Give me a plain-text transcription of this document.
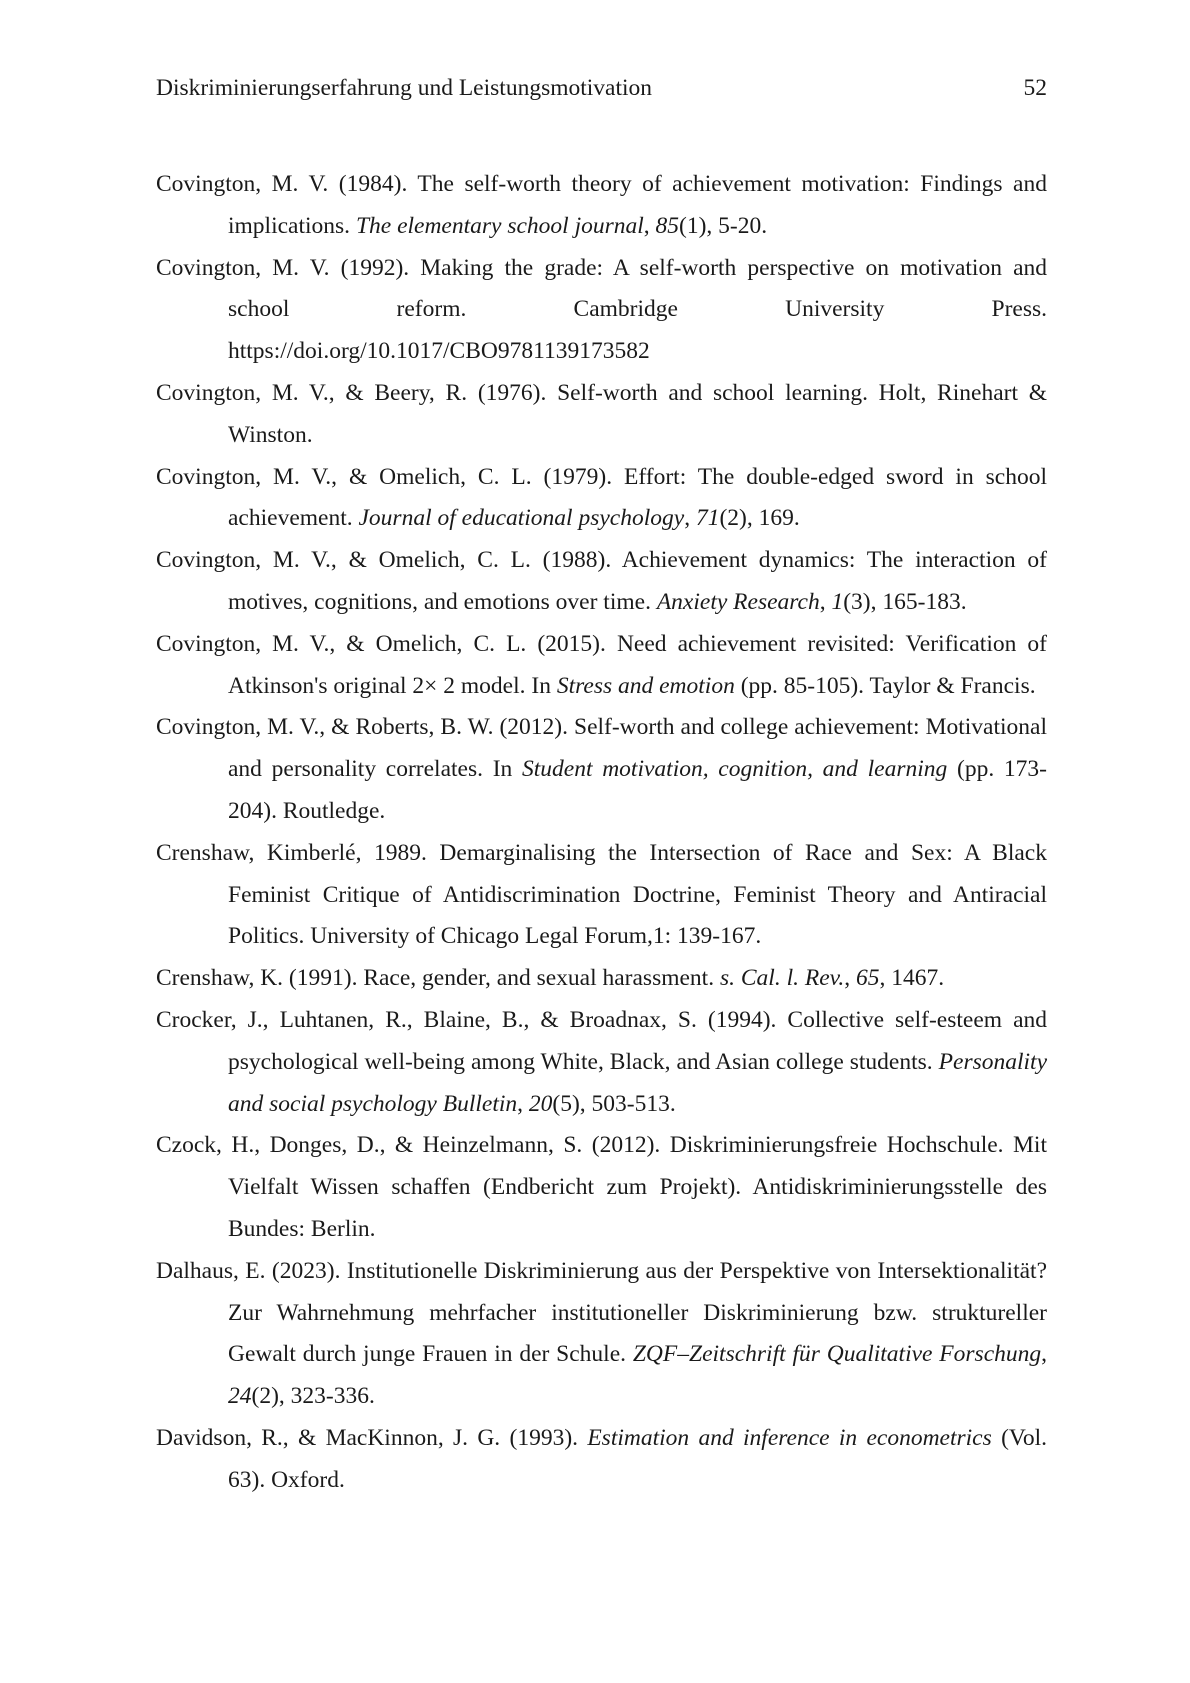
Diskriminierungserfahrung und Leistungsmotivation	52

Covington, M. V. (1984). The self-worth theory of achievement motivation: Findings and implications. The elementary school journal, 85(1), 5-20.

Covington, M. V. (1992). Making the grade: A self-worth perspective on motivation and school reform. Cambridge University Press. https://doi.org/10.1017/CBO9781139173582

Covington, M. V., & Beery, R. (1976). Self-worth and school learning. Holt, Rinehart & Winston.

Covington, M. V., & Omelich, C. L. (1979). Effort: The double-edged sword in school achievement. Journal of educational psychology, 71(2), 169.

Covington, M. V., & Omelich, C. L. (1988). Achievement dynamics: The interaction of motives, cognitions, and emotions over time. Anxiety Research, 1(3), 165-183.

Covington, M. V., & Omelich, C. L. (2015). Need achievement revisited: Verification of Atkinson's original 2× 2 model. In Stress and emotion (pp. 85-105). Taylor & Francis.

Covington, M. V., & Roberts, B. W. (2012). Self-worth and college achievement: Motivational and personality correlates. In Student motivation, cognition, and learning (pp. 173-204). Routledge.

Crenshaw, Kimberlé, 1989. Demarginalising the Intersection of Race and Sex: A Black Feminist Critique of Antidiscrimination Doctrine, Feminist Theory and Antiracial Politics. University of Chicago Legal Forum,1: 139-167.

Crenshaw, K. (1991). Race, gender, and sexual harassment. s. Cal. l. Rev., 65, 1467.

Crocker, J., Luhtanen, R., Blaine, B., & Broadnax, S. (1994). Collective self-esteem and psychological well-being among White, Black, and Asian college students. Personality and social psychology Bulletin, 20(5), 503-513.

Czock, H., Donges, D., & Heinzelmann, S. (2012). Diskriminierungsfreie Hochschule. Mit Vielfalt Wissen schaffen (Endbericht zum Projekt). Antidiskriminierungsstelle des Bundes: Berlin.

Dalhaus, E. (2023). Institutionelle Diskriminierung aus der Perspektive von Intersektionalität? Zur Wahrnehmung mehrfacher institutioneller Diskriminierung bzw. struktureller Gewalt durch junge Frauen in der Schule. ZQF–Zeitschrift für Qualitative Forschung, 24(2), 323-336.

Davidson, R., & MacKinnon, J. G. (1993). Estimation and inference in econometrics (Vol. 63). Oxford.
